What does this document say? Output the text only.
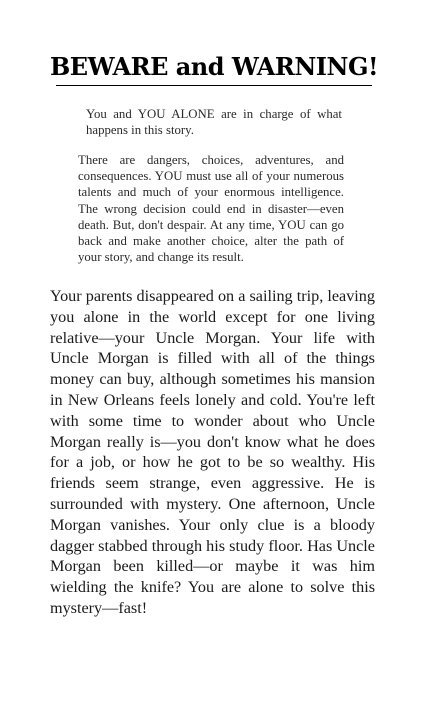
BEWARE and WARNING!

You and YOU ALONE are in charge of what happens in this story.

There are dangers, choices, adventures, and consequences. YOU must use all of your numerous talents and much of your enormous intelligence. The wrong decision could end in disaster—even death. But, don't despair. At any time, YOU can go back and make another choice, alter the path of your story, and change its result.

Your parents disappeared on a sailing trip, leaving you alone in the world except for one living relative—your Uncle Morgan. Your life with Uncle Morgan is filled with all of the things money can buy, although sometimes his mansion in New Orleans feels lonely and cold. You're left with some time to wonder about who Uncle Morgan really is—you don't know what he does for a job, or how he got to be so wealthy. His friends seem strange, even aggressive. He is surrounded with mystery. One afternoon, Uncle Morgan vanishes. Your only clue is a bloody dagger stabbed through his study floor. Has Uncle Morgan been killed—or maybe it was him wielding the knife? You are alone to solve this mystery—fast!
